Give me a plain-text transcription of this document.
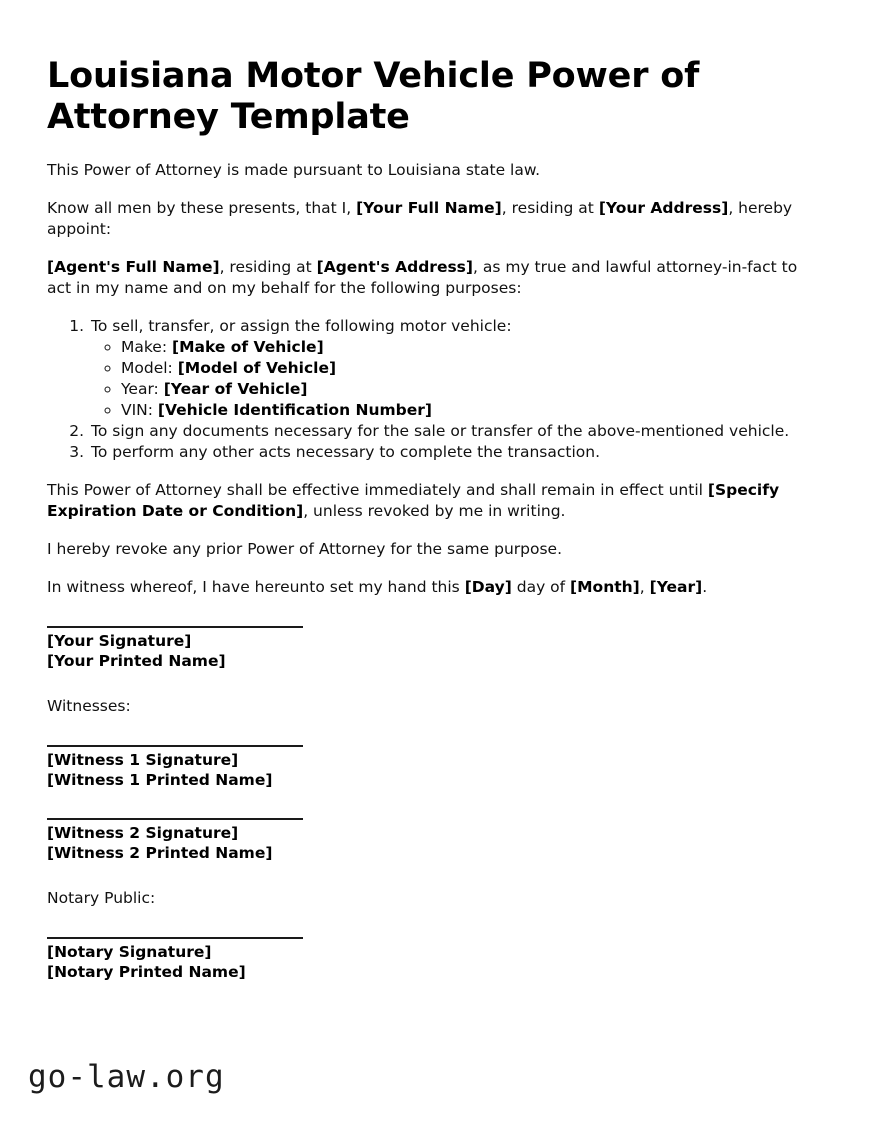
Louisiana Motor Vehicle Power of Attorney Template

This Power of Attorney is made pursuant to Louisiana state law.

Know all men by these presents, that I, [Your Full Name], residing at [Your Address], hereby appoint:

[Agent's Full Name], residing at [Agent's Address], as my true and lawful attorney-in-fact to act in my name and on my behalf for the following purposes:

1. To sell, transfer, or assign the following motor vehicle:
◦ Make: [Make of Vehicle]
◦ Model: [Model of Vehicle]
◦ Year: [Year of Vehicle]
◦ VIN: [Vehicle Identification Number]
2. To sign any documents necessary for the sale or transfer of the above-mentioned vehicle.
3. To perform any other acts necessary to complete the transaction.

This Power of Attorney shall be effective immediately and shall remain in effect until [Specify Expiration Date or Condition], unless revoked by me in writing.

I hereby revoke any prior Power of Attorney for the same purpose.

In witness whereof, I have hereunto set my hand this [Day] day of [Month], [Year].

[Your Signature]
[Your Printed Name]

Witnesses:

[Witness 1 Signature]
[Witness 1 Printed Name]
[Witness 2 Signature]
[Witness 2 Printed Name]

Notary Public:

[Notary Signature]
[Notary Printed Name]
go-law.org
